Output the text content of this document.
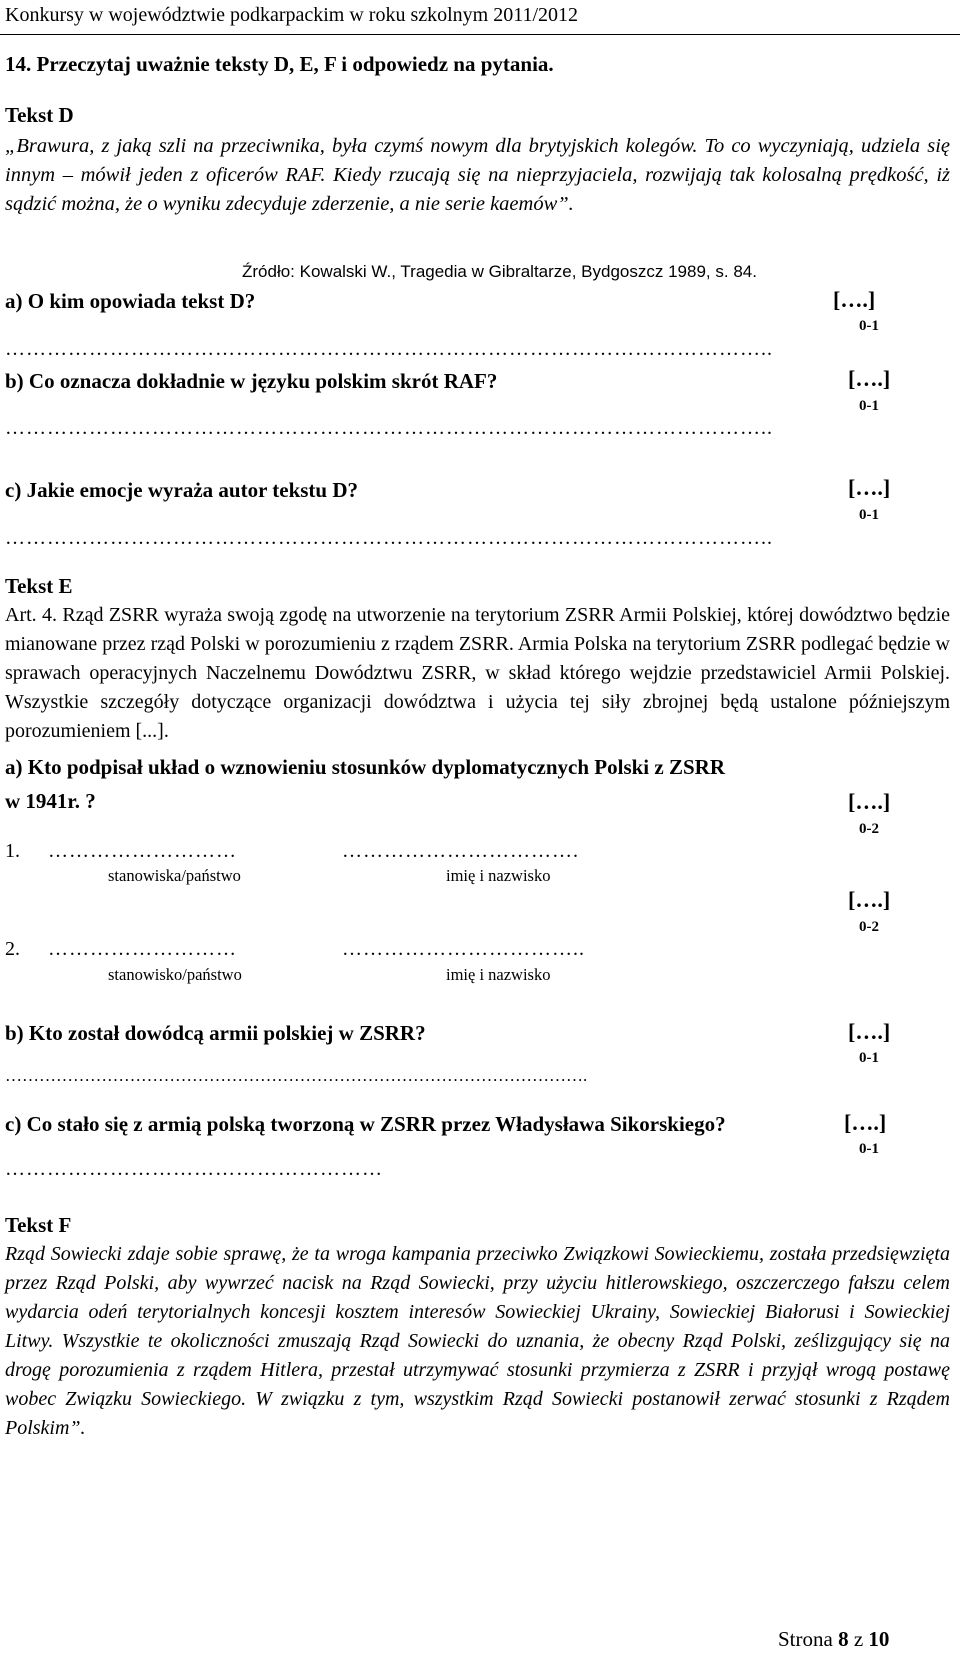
Konkursy w województwie podkarpackim w roku szkolnym 2011/2012
14. Przeczytaj uważnie teksty D, E, F i odpowiedz na pytania.
Tekst D
„Brawura, z jaką szli na przeciwnika, była czymś nowym dla brytyjskich kolegów. To co wyczyniają, udziela się innym – mówił jeden z oficerów RAF. Kiedy rzucają się na nieprzyjaciela, rozwijają tak kolosalną prędkość, iż sądzić można, że o wyniku zdecyduje zderzenie, a nie serie kaemów”.
Źródło: Kowalski W., Tragedia w Gibraltarze, Bydgoszcz 1989, s. 84.
a) O kim opowiada tekst D?	[….]
0-1
………………………………………………………………………………………………..
b) Co oznacza dokładnie w języku polskim skrót RAF?	[….]
0-1
………………………………………………………………………………………………..
c) Jakie emocje wyraża autor tekstu D?	[….]
0-1
………………………………………………………………………………………………..
Tekst E
Art. 4. Rząd ZSRR wyraża swoją zgodę na utworzenie na terytorium ZSRR Armii Polskiej, której dowództwo będzie mianowane przez rząd Polski w porozumieniu z rządem ZSRR. Armia Polska na terytorium ZSRR podlegać będzie w sprawach operacyjnych Naczelnemu Dowództwu ZSRR, w skład którego wejdzie przedstawiciel Armii Polskiej. Wszystkie szczegóły dotyczące organizacji dowództwa i użycia tej siły zbrojnej będą ustalone późniejszym porozumieniem [...].
a) Kto podpisał układ o wznowieniu stosunków dyplomatycznych Polski z ZSRR
w 1941r. ?	[….]
0-2
1. ………………………	…………………………….
stanowiska/państwo	imię i nazwisko
[….]
0-2
2. ………………………	……………………………..
stanowisko/państwo	imię i nazwisko
b) Kto został dowódcą armii polskiej w ZSRR?	[….]
0-1
………………………………………………………………………………………….
c) Co stało się z armią polską tworzoną w ZSRR przez Władysława Sikorskiego?	[….]
0-1
………………………………………………
Tekst F
Rząd Sowiecki zdaje sobie sprawę, że ta wroga kampania przeciwko Związkowi Sowieckiemu, została przedsięwzięta przez Rząd Polski, aby wywrzeć nacisk na Rząd Sowiecki, przy użyciu hitlerowskiego, oszczerczego fałszu celem wydarcia odeń terytorialnych koncesji kosztem interesów Sowieckiej Ukrainy, Sowieckiej Białorusi i Sowieckiej Litwy. Wszystkie te okoliczności zmuszają Rząd Sowiecki do uznania, że obecny Rząd Polski, ześlizgujący się na drogę porozumienia z rządem Hitlera, przestał utrzymywać stosunki przymierza z ZSRR i przyjął wrogą postawę wobec Związku Sowieckiego. W związku z tym, wszystkim Rząd Sowiecki postanowił zerwać stosunki z Rządem Polskim”.
Strona 8 z 10
